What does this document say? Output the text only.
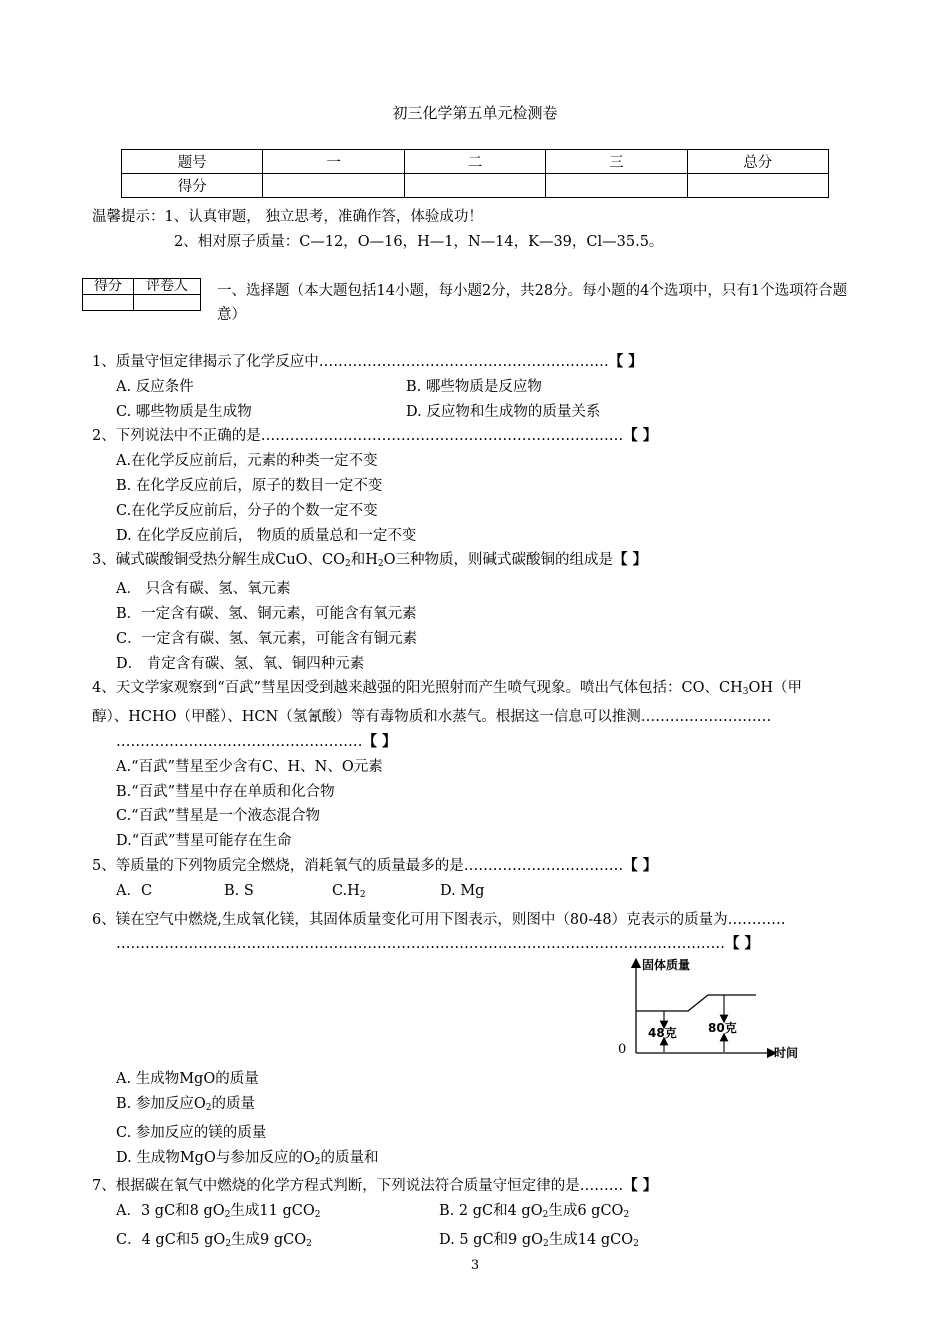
初三化学第五单元检测卷
题号	一	二	三	总分
得分				
温馨提示：1、认真审题， 独立思考，准确作答，体验成功！
2、相对原子质量：C—12，O—16，H—1，N—14，K—39，Cl—35.5。
得分	评卷人
	一、选择题（本大题包括14小题，每小题2分，共28分。每小题的4个选项中，只有1个选项符合题意）
1、质量守恒定律揭示了化学反应中……………………………………………………【 】
A. 反应条件	B. 哪些物质是反应物
C. 哪些物质是生成物	D. 反应物和生成物的质量关系
2、下列说法中不正确的是…………………………………………………………………【 】
A.在化学反应前后，元素的种类一定不变
B. 在化学反应前后，原子的数目一定不变
C.在化学反应前后，分子的个数一定不变
D. 在化学反应前后， 物质的质量总和一定不变
3、碱式碳酸铜受热分解生成CuO、$CO_2$和$H_2O$三种物质，则碱式碳酸铜的组成是【 】
A． 只含有碳、氢、氧元素
B．一定含有碳、氢、铜元素，可能含有氧元素
C．一定含有碳、氢、氧元素，可能含有铜元素
D． 肯定含有碳、氢、氧、铜四种元素
4、天文学家观察到“百武”彗星因受到越来越强的阳光照射而产生喷气现象。喷出气体包括：CO、$CH_3OH$（甲
醇）、HCHO（甲醛）、HCN（氢氰酸）等有毒物质和水蒸气。根据这一信息可以推测………………………
……………………………………………【 】
A.“百武”彗星至少含有C、H、N、O元素
B.“百武”彗星中存在单质和化合物
C.“百武”彗星是一个液态混合物
D.“百武”彗星可能存在生命
5、等质量的下列物质完全燃烧，消耗氧气的质量最多的是……………………………【 】
A．C	B. S	$C.H_2$	D. Mg
6、镁在空气中燃烧,生成氧化镁，其固体质量变化可用下图表示，则图中（80-48）克表示的质量为…………
………………………………………………………………………………………………………………【 】
固体质量
时间
0
48克	80克
A. 生成物MgO的质量
B. 参加反应$O_2$的质量
C. 参加反应的镁的质量
D. 生成物MgO与参加反应的$O_2$的质量和
7、根据碳在氧气中燃烧的化学方程式判断，下列说法符合质量守恒定律的是………【 】
A．3 gC和8 $gO_2$生成11 gCO$_2$	B. 2 gC和4 $gO_2$生成6 gCO$_2$
C．4 gC和5 $gO_2$生成9 gCO$_2$	D. 5 gC和9 $gO_2$生成14 gCO$_2$
3
